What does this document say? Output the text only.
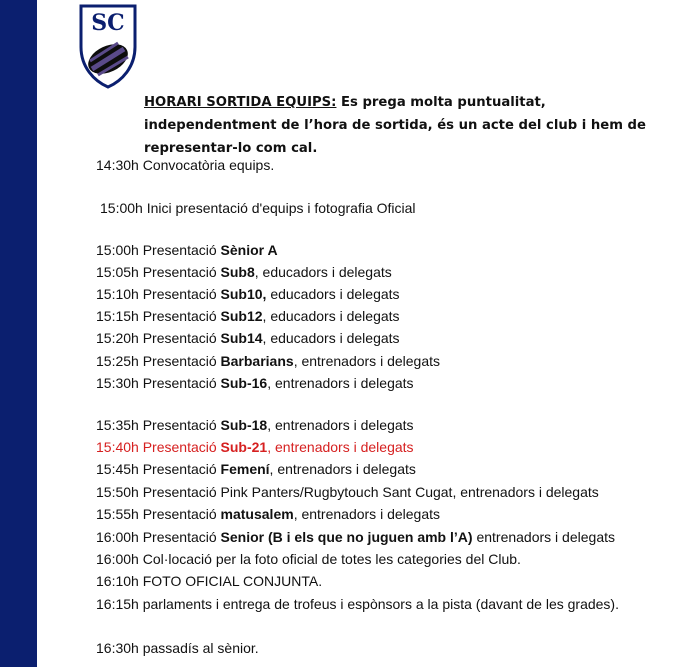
SC
HORARI SORTIDA EQUIPS: Es prega molta puntualitat, independentment de l’hora de sortida, és un acte del club i hem de representar-lo com cal.
14:30h Convocatòria equips.
15:00h Inici presentació d'equips i fotografia Oficial
15:00h Presentació Sènior A
15:05h Presentació Sub8, educadors i delegats
15:10h Presentació Sub10, educadors i delegats
15:15h Presentació Sub12, educadors i delegats
15:20h Presentació Sub14, educadors i delegats
15:25h Presentació Barbarians, entrenadors i delegats
15:30h Presentació Sub-16, entrenadors i delegats
15:35h Presentació Sub-18, entrenadors i delegats
15:40h Presentació Sub-21, entrenadors i delegats
15:45h Presentació Femení, entrenadors i delegats
15:50h Presentació Pink Panters/Rugbytouch Sant Cugat, entrenadors i delegats
15:55h Presentació matusalem, entrenadors i delegats
16:00h Presentació Senior (B i els que no juguen amb l’A) entrenadors i delegats
16:00h Col·locació per la foto oficial de totes les categories del Club.
16:10h FOTO OFICIAL CONJUNTA.
16:15h parlaments i entrega de trofeus i espònsors a la pista (davant de les grades).
16:30h passadís al sènior.
